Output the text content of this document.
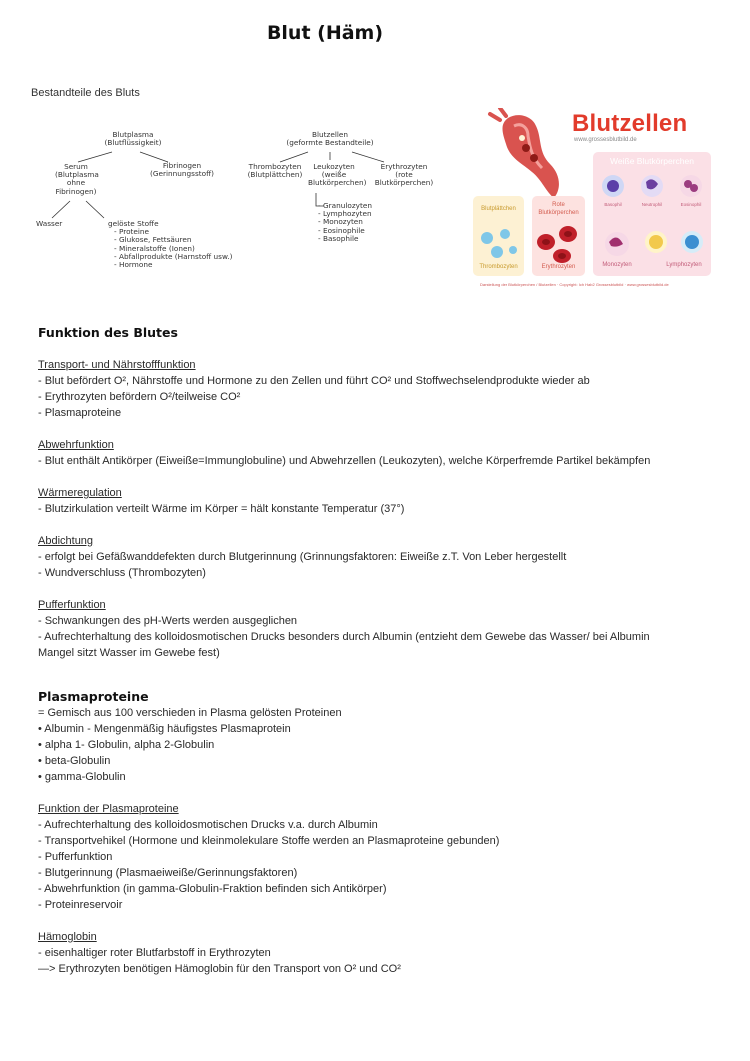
Blut (Häm)
Bestandteile des Bluts
Blutplasma
(Blutflüssigkeit)
Serum
(Blutplasma
ohne
Fibrinogen)
Fibrinogen
(Gerinnungsstoff)
Wasser	gelöste Stoffe
- Proteine
- Glukose, Fettsäuren
- Mineralstoffe (Ionen)
- Abfallprodukte (Harnstoff usw.)
- Hormone
Blutzellen
(geformte Bestandteile)
Thrombozyten
(Blutplättchen)
Leukozyten
(weiße
Blutkörperchen)
Erythrozyten
(rote
Blutkörperchen)
- Granulozyten
- Lymphozyten
- Monozyten
- Eosinophile
- Basophile
Blutzellen
www.grossesblutbild.de
Weiße Blutkörperchen
Basophil	Neutrophil	Eosinophil
Monozyten	Lymphozyten
Blutplättchen
Thrombozyten
Rote
Blutkörperchen
Erythrozyten
Darstellung der Blutkörperchen / Blutzellen · Copyright: Ich Hab2 Grossesblutbild · www.grossesblutbild.de
Funktion des Blutes
Transport- und Nährstofffunktion
- Blut befördert O², Nährstoffe und Hormone zu den Zellen und führt CO² und Stoffwechselendprodukte wieder ab
- Erythrozyten befördern O²/teilweise CO²
- Plasmaproteine
Abwehrfunktion
- Blut enthält Antikörper (Eiweiße=Immunglobuline) und Abwehrzellen (Leukozyten), welche Körperfremde Partikel bekämpfen
Wärmeregulation
- Blutzirkulation verteilt Wärme im Körper = hält konstante Temperatur (37°)
Abdichtung
- erfolgt bei Gefäßwanddefekten durch Blutgerinnung (Grinnungsfaktoren: Eiweiße z.T. Von Leber hergestellt
- Wundverschluss (Thrombozyten)
Pufferfunktion
- Schwankungen des pH-Werts werden ausgeglichen
- Aufrechterhaltung des kolloidosmotischen Drucks besonders durch Albumin (entzieht dem Gewebe das Wasser/ bei Albumin
Mangel sitzt Wasser im Gewebe fest)
Plasmaproteine
= Gemisch aus 100 verschieden in Plasma gelösten Proteinen
• Albumin - Mengenmäßig häufigstes Plasmaprotein
• alpha 1- Globulin, alpha 2-Globulin
• beta-Globulin
• gamma-Globulin
Funktion der Plasmaproteine
- Aufrechterhaltung des kolloidosmotischen Drucks v.a. durch Albumin
- Transportvehikel (Hormone und kleinmolekulare Stoffe werden an Plasmaproteine gebunden)
- Pufferfunktion
- Blutgerinnung (Plasmaeiweiße/Gerinnungsfaktoren)
- Abwehrfunktion (in gamma-Globulin-Fraktion befinden sich Antikörper)
- Proteinreservoir
Hämoglobin
- eisenhaltiger roter Blutfarbstoff in Erythrozyten
—> Erythrozyten benötigen Hämoglobin für den Transport von O² und CO²
